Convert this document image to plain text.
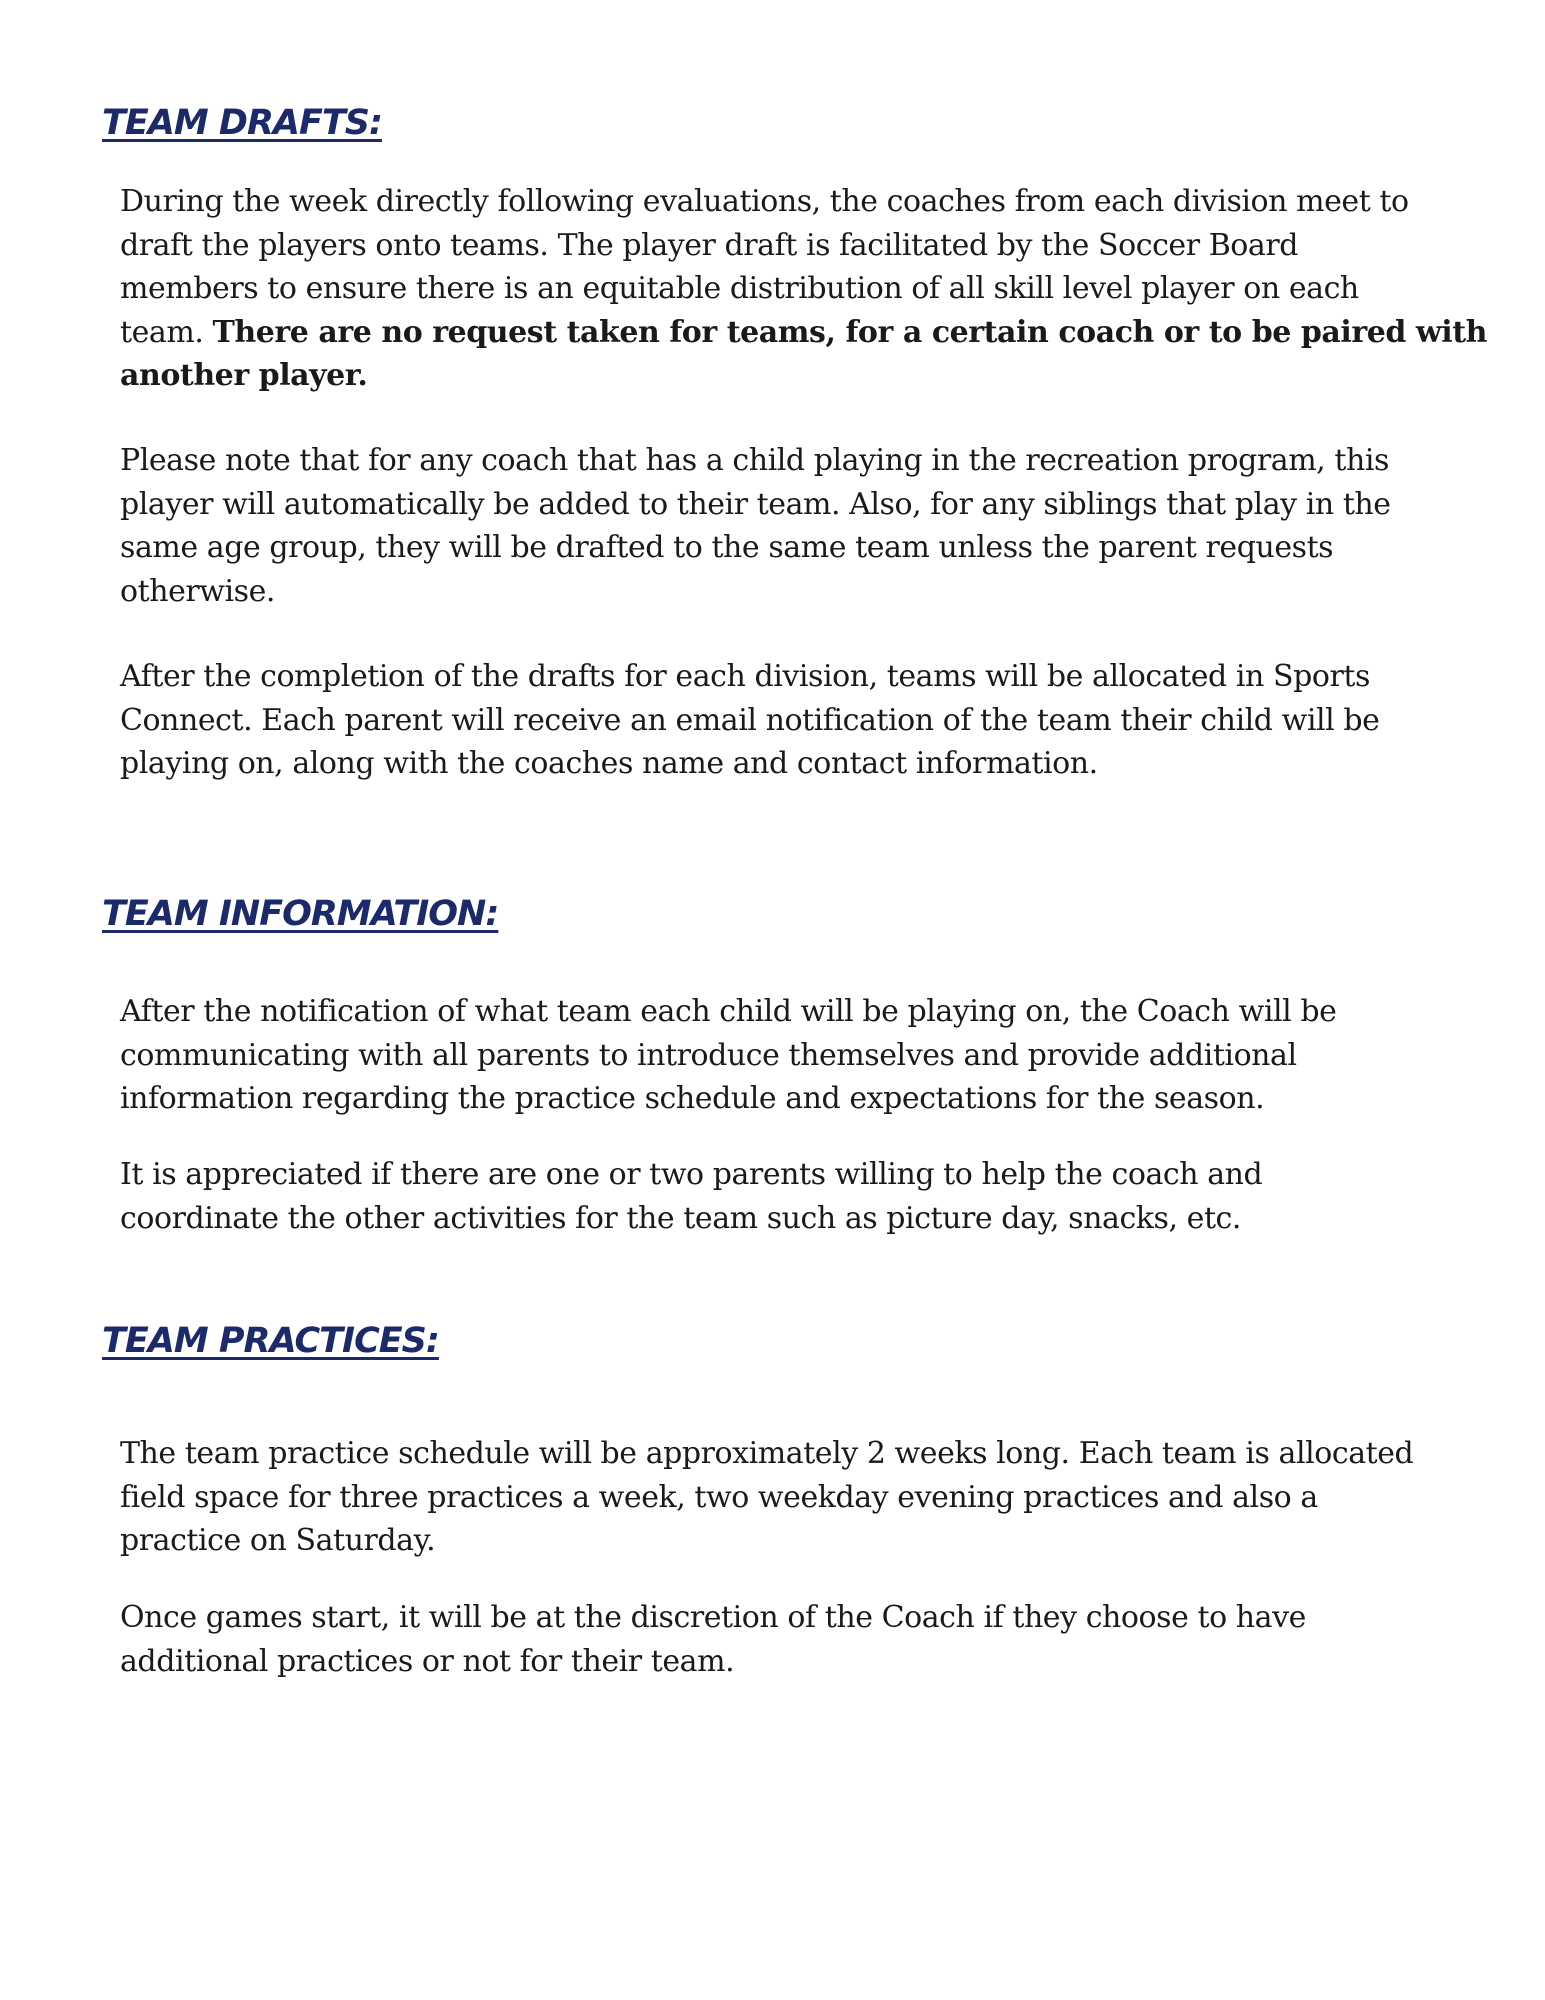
TEAM DRAFTS:

During the week directly following evaluations, the coaches from each division meet to
draft the players onto teams. The player draft is facilitated by the Soccer Board
members to ensure there is an equitable distribution of all skill level player on each
team. There are no request taken for teams, for a certain coach or to be paired with
another player.

Please note that for any coach that has a child playing in the recreation program, this
player will automatically be added to their team. Also, for any siblings that play in the
same age group, they will be drafted to the same team unless the parent requests
otherwise.

After the completion of the drafts for each division, teams will be allocated in Sports
Connect. Each parent will receive an email notification of the team their child will be
playing on, along with the coaches name and contact information.

TEAM INFORMATION:

After the notification of what team each child will be playing on, the Coach will be
communicating with all parents to introduce themselves and provide additional
information regarding the practice schedule and expectations for the season.

It is appreciated if there are one or two parents willing to help the coach and
coordinate the other activities for the team such as picture day, snacks, etc.

TEAM PRACTICES:

The team practice schedule will be approximately 2 weeks long. Each team is allocated
field space for three practices a week, two weekday evening practices and also a
practice on Saturday.

Once games start, it will be at the discretion of the Coach if they choose to have
additional practices or not for their team.
